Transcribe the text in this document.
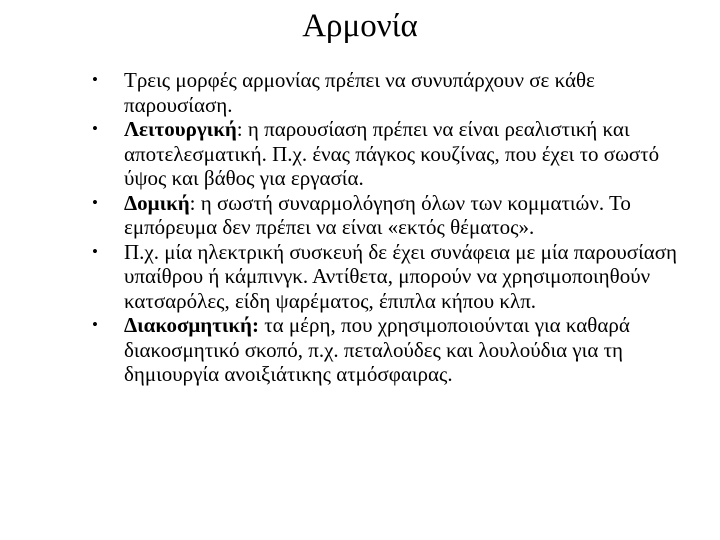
Αρμονία
•	Τρεις μορφές αρμονίας πρέπει να συνυπάρχουν σε κάθε παρουσίαση.
•	Λειτουργική: η παρουσίαση πρέπει να είναι ρεαλιστική και αποτελεσματική. Π.χ. ένας πάγκος κουζίνας, που έχει το σωστό ύψος και βάθος για εργασία.
•	Δομική: η σωστή συναρμολόγηση όλων των κομματιών. Το εμπόρευμα δεν πρέπει να είναι «εκτός θέματος».
•	Π.χ. μία ηλεκτρική συσκευή δε έχει συνάφεια με μία παρουσίαση υπαίθρου ή κάμπινγκ. Αντίθετα, μπορούν να χρησιμοποιηθούν κατσαρόλες, είδη ψαρέματος, έπιπλα κήπου κλπ.
•	Διακοσμητική: τα μέρη, που χρησιμοποιούνται για καθαρά διακοσμητικό σκοπό, π.χ. πεταλούδες και λουλούδια για τη δημιουργία ανοιξιάτικης ατμόσφαιρας.
